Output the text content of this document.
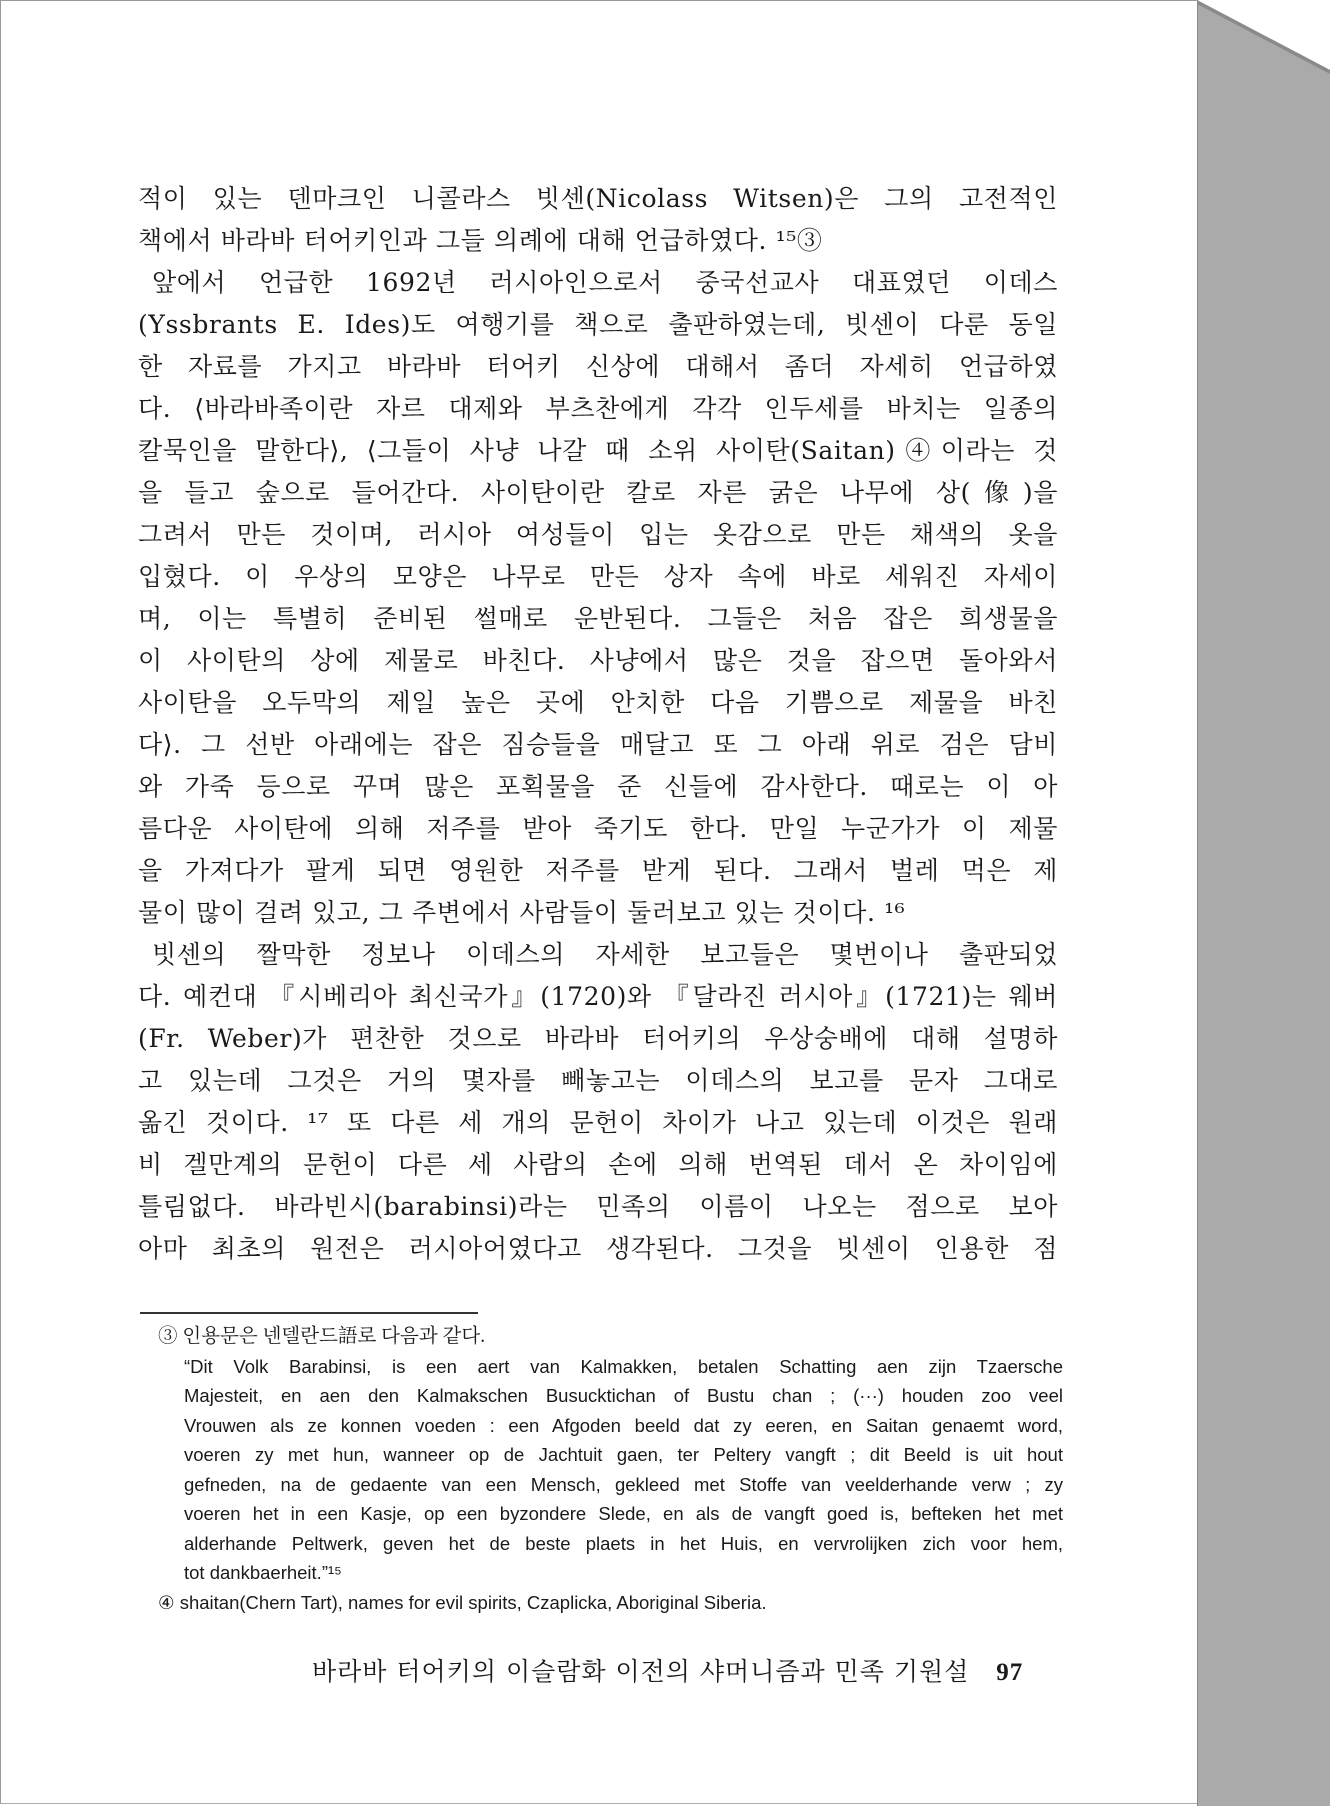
적이 있는 덴마크인 니콜라스 빗센(Nicolass Witsen)은 그의 고전적인
책에서 바라바 터어키인과 그들 의례에 대해 언급하였다. ¹⁵③
앞에서 언급한 1692년 러시아인으로서 중국선교사 대표였던 이데스
(Yssbrants E. Ides)도 여행기를 책으로 출판하였는데, 빗센이 다룬 동일
한 자료를 가지고 바라바 터어키 신상에 대해서 좀더 자세히 언급하였
다. ⟨바라바족이란 자르 대제와 부츠찬에게 각각 인두세를 바치는 일종의
칼묵인을 말한다⟩, ⟨그들이 사냥 나갈 때 소위 사이탄(Saitan)④이라는 것
을 들고 숲으로 들어간다. 사이탄이란 칼로 자른 굵은 나무에 상(像)을
그려서 만든 것이며, 러시아 여성들이 입는 옷감으로 만든 채색의 옷을
입혔다. 이 우상의 모양은 나무로 만든 상자 속에 바로 세워진 자세이
며, 이는 특별히 준비된 썰매로 운반된다. 그들은 처음 잡은 희생물을
이 사이탄의 상에 제물로 바친다. 사냥에서 많은 것을 잡으면 돌아와서
사이탄을 오두막의 제일 높은 곳에 안치한 다음 기쁨으로 제물을 바친
다⟩. 그 선반 아래에는 잡은 짐승들을 매달고 또 그 아래 위로 검은 담비
와 가죽 등으로 꾸며 많은 포획물을 준 신들에 감사한다. 때로는 이 아
름다운 사이탄에 의해 저주를 받아 죽기도 한다. 만일 누군가가 이 제물
을 가져다가 팔게 되면 영원한 저주를 받게 된다. 그래서 벌레 먹은 제
물이 많이 걸려 있고, 그 주변에서 사람들이 둘러보고 있는 것이다. ¹⁶
빗센의 짤막한 정보나 이데스의 자세한 보고들은 몇번이나 출판되었
다. 예컨대 『시베리아 최신국가』(1720)와 『달라진 러시아』(1721)는 웨버
(Fr. Weber)가 편찬한 것으로 바라바 터어키의 우상숭배에 대해 설명하
고 있는데 그것은 거의 몇자를 빼놓고는 이데스의 보고를 문자 그대로
옮긴 것이다. ¹⁷ 또 다른 세 개의 문헌이 차이가 나고 있는데 이것은 원래
비 겔만계의 문헌이 다른 세 사람의 손에 의해 번역된 데서 온 차이임에
틀림없다. 바라빈시(barabinsi)라는 민족의 이름이 나오는 점으로 보아
아마 최초의 원전은 러시아어였다고 생각된다. 그것을 빗센이 인용한 점
③ 인용문은 넨델란드語로 다음과 같다.
“Dit Volk Barabinsi, is een aert van Kalmakken, betalen Schatting aen zijn Tzaersche
Majesteit, en aen den Kalmakschen Busucktichan of Bustu chan ; (···) houden zoo veel
Vrouwen als ze konnen voeden : een Afgoden beeld dat zy eeren, en Saitan genaemt word,
voeren zy met hun, wanneer op de Jachtuit gaen, ter Peltery vangft ; dit Beeld is uit hout
gefneden, na de gedaente van een Mensch, gekleed met Stoffe van veelderhande verw ; zy
voeren het in een Kasje, op een byzondere Slede, en als de vangft goed is, befteken het met
alderhande Peltwerk, geven het de beste plaets in het Huis, en vervrolijken zich voor hem,
tot dankbaerheit.”¹⁵
④ shaitan(Chern Tart), names for evil spirits, Czaplicka, Aboriginal Siberia.
바라바 터어키의 이슬람화 이전의 샤머니즘과 민족 기원설 97
